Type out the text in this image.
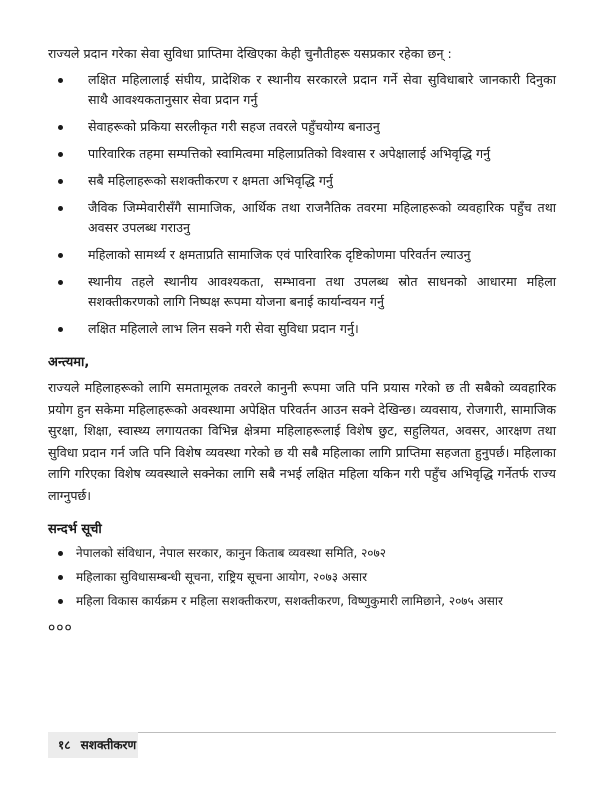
राज्यले प्रदान गरेका सेवा सुविधा प्राप्तिमा देखिएका केही चुनौतीहरू यसप्रकार रहेका छन् :

लक्षित महिलालाई संघीय, प्रादेशिक र स्थानीय सरकारले प्रदान गर्ने सेवा सुविधाबारे जानकारी दिनुका साथै आवश्यकतानुसार सेवा प्रदान गर्नु
सेवाहरूको प्रकिया सरलीकृत गरी सहज तवरले पहुँचयोग्य बनाउनु
पारिवारिक तहमा सम्पत्तिको स्वामित्वमा महिलाप्रतिको विश्वास र अपेक्षालाई अभिवृद्धि गर्नु
सबै महिलाहरूको सशक्तीकरण र क्षमता अभिवृद्धि गर्नु
जैविक जिम्मेवारीसँगै सामाजिक, आर्थिक तथा राजनैतिक तवरमा महिलाहरूको व्यवहारिक पहुँच तथा अवसर उपलब्ध गराउनु
महिलाको सामर्थ्य र क्षमताप्रति सामाजिक एवं पारिवारिक दृष्टिकोणमा परिवर्तन ल्याउनु
स्थानीय तहले स्थानीय आवश्यकता, सम्भावना तथा उपलब्ध स्रोत साधनको आधारमा महिला सशक्तीकरणको लागि निष्पक्ष रूपमा योजना बनाई कार्यान्वयन गर्नु
लक्षित महिलाले लाभ लिन सक्ने गरी सेवा सुविधा प्रदान गर्नु।
अन्त्यमा,

राज्यले महिलाहरूको लागि समतामूलक तवरले कानुनी रूपमा जति पनि प्रयास गरेको छ ती सबैको व्यवहारिक प्रयोग हुन सकेमा महिलाहरूको अवस्थामा अपेक्षित परिवर्तन आउन सक्ने देखिन्छ। व्यवसाय, रोजगारी, सामाजिक सुरक्षा, शिक्षा, स्वास्थ्य लगायतका विभिन्न क्षेत्रमा महिलाहरूलाई विशेष छुट, सहुलियत, अवसर, आरक्षण तथा सुविधा प्रदान गर्न जति पनि विशेष व्यवस्था गरेको छ यी सबै महिलाका लागि प्राप्तिमा सहजता हुनुपर्छ। महिलाका लागि गरिएका विशेष व्यवस्थाले सक्नेका लागि सबै नभई लक्षित महिला यकिन गरी पहुँच अभिवृद्धि गर्नेतर्फ राज्य लाग्नुपर्छ।

सन्दर्भ सूची
नेपालको संविधान, नेपाल सरकार, कानुन किताब व्यवस्था समिति, २०७२
महिलाका सुविधासम्बन्धी सूचना, राष्ट्रिय सूचना आयोग, २०७३ असार
महिला विकास कार्यक्रम र महिला सशक्तीकरण, सशक्तीकरण, विष्णुकुमारी लामिछाने, २०७५ असार
०००
१८ सशक्तीकरण
